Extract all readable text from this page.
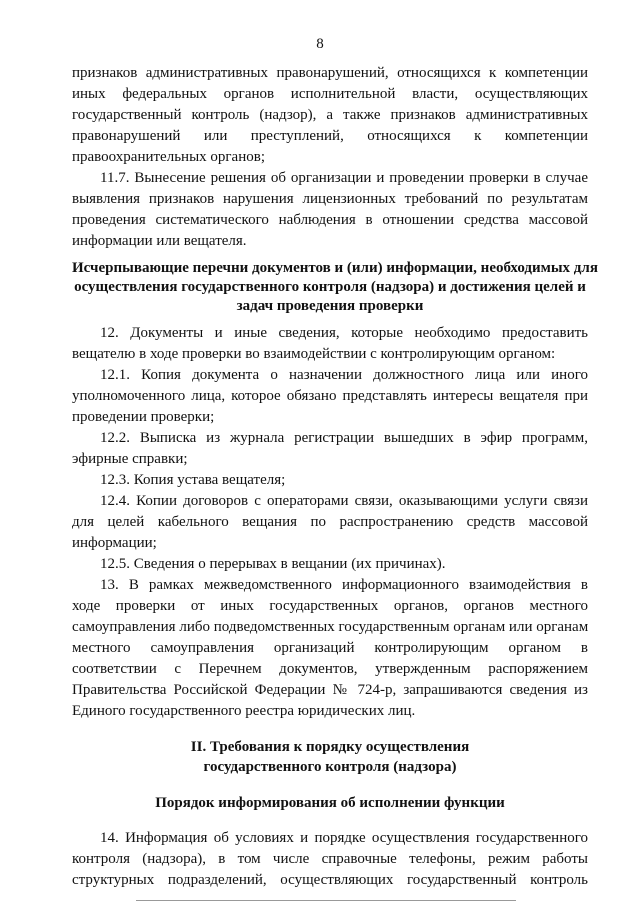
8
признаков административных правонарушений, относящихся к компетенции
иных федеральных органов исполнительной власти, осуществляющих
государственный контроль (надзор), а также признаков административных
правонарушений или преступлений, относящихся к компетенции
правоохранительных органов;
11.7. Вынесение решения об организации и проведении проверки в случае
выявления признаков нарушения лицензионных требований по результатам
проведения систематического наблюдения в отношении средства массовой
информации или вещателя.
Исчерпывающие перечни документов и (или) информации, необходимых для
осуществления государственного контроля (надзора) и достижения целей и
задач проведения проверки
12. Документы и иные сведения, которые необходимо предоставить
вещателю в ходе проверки во взаимодействии с контролирующим органом:
12.1. Копия документа о назначении должностного лица или иного
уполномоченного лица, которое обязано представлять интересы вещателя при
проведении проверки;
12.2. Выписка из журнала регистрации вышедших в эфир программ,
эфирные справки;
12.3. Копия устава вещателя;
12.4. Копии договоров с операторами связи, оказывающими услуги связи
для целей кабельного вещания по распространению средств массовой
информации;
12.5. Сведения о перерывах в вещании (их причинах).
13. В рамках межведомственного информационного взаимодействия в
ходе проверки от иных государственных органов, органов местного
самоуправления либо подведомственных государственным органам или органам
местного самоуправления организаций контролирующим органом в
соответствии с Перечнем документов, утвержденным распоряжением
Правительства Российской Федерации № 724-р, запрашиваются сведения из
Единого государственного реестра юридических лиц.
II. Требования к порядку осуществления
государственного контроля (надзора)
Порядок информирования об исполнении функции
14. Информация об условиях и порядке осуществления государственного
контроля (надзора), в том числе справочные телефоны, режим работы
структурных подразделений, осуществляющих государственный контроль
